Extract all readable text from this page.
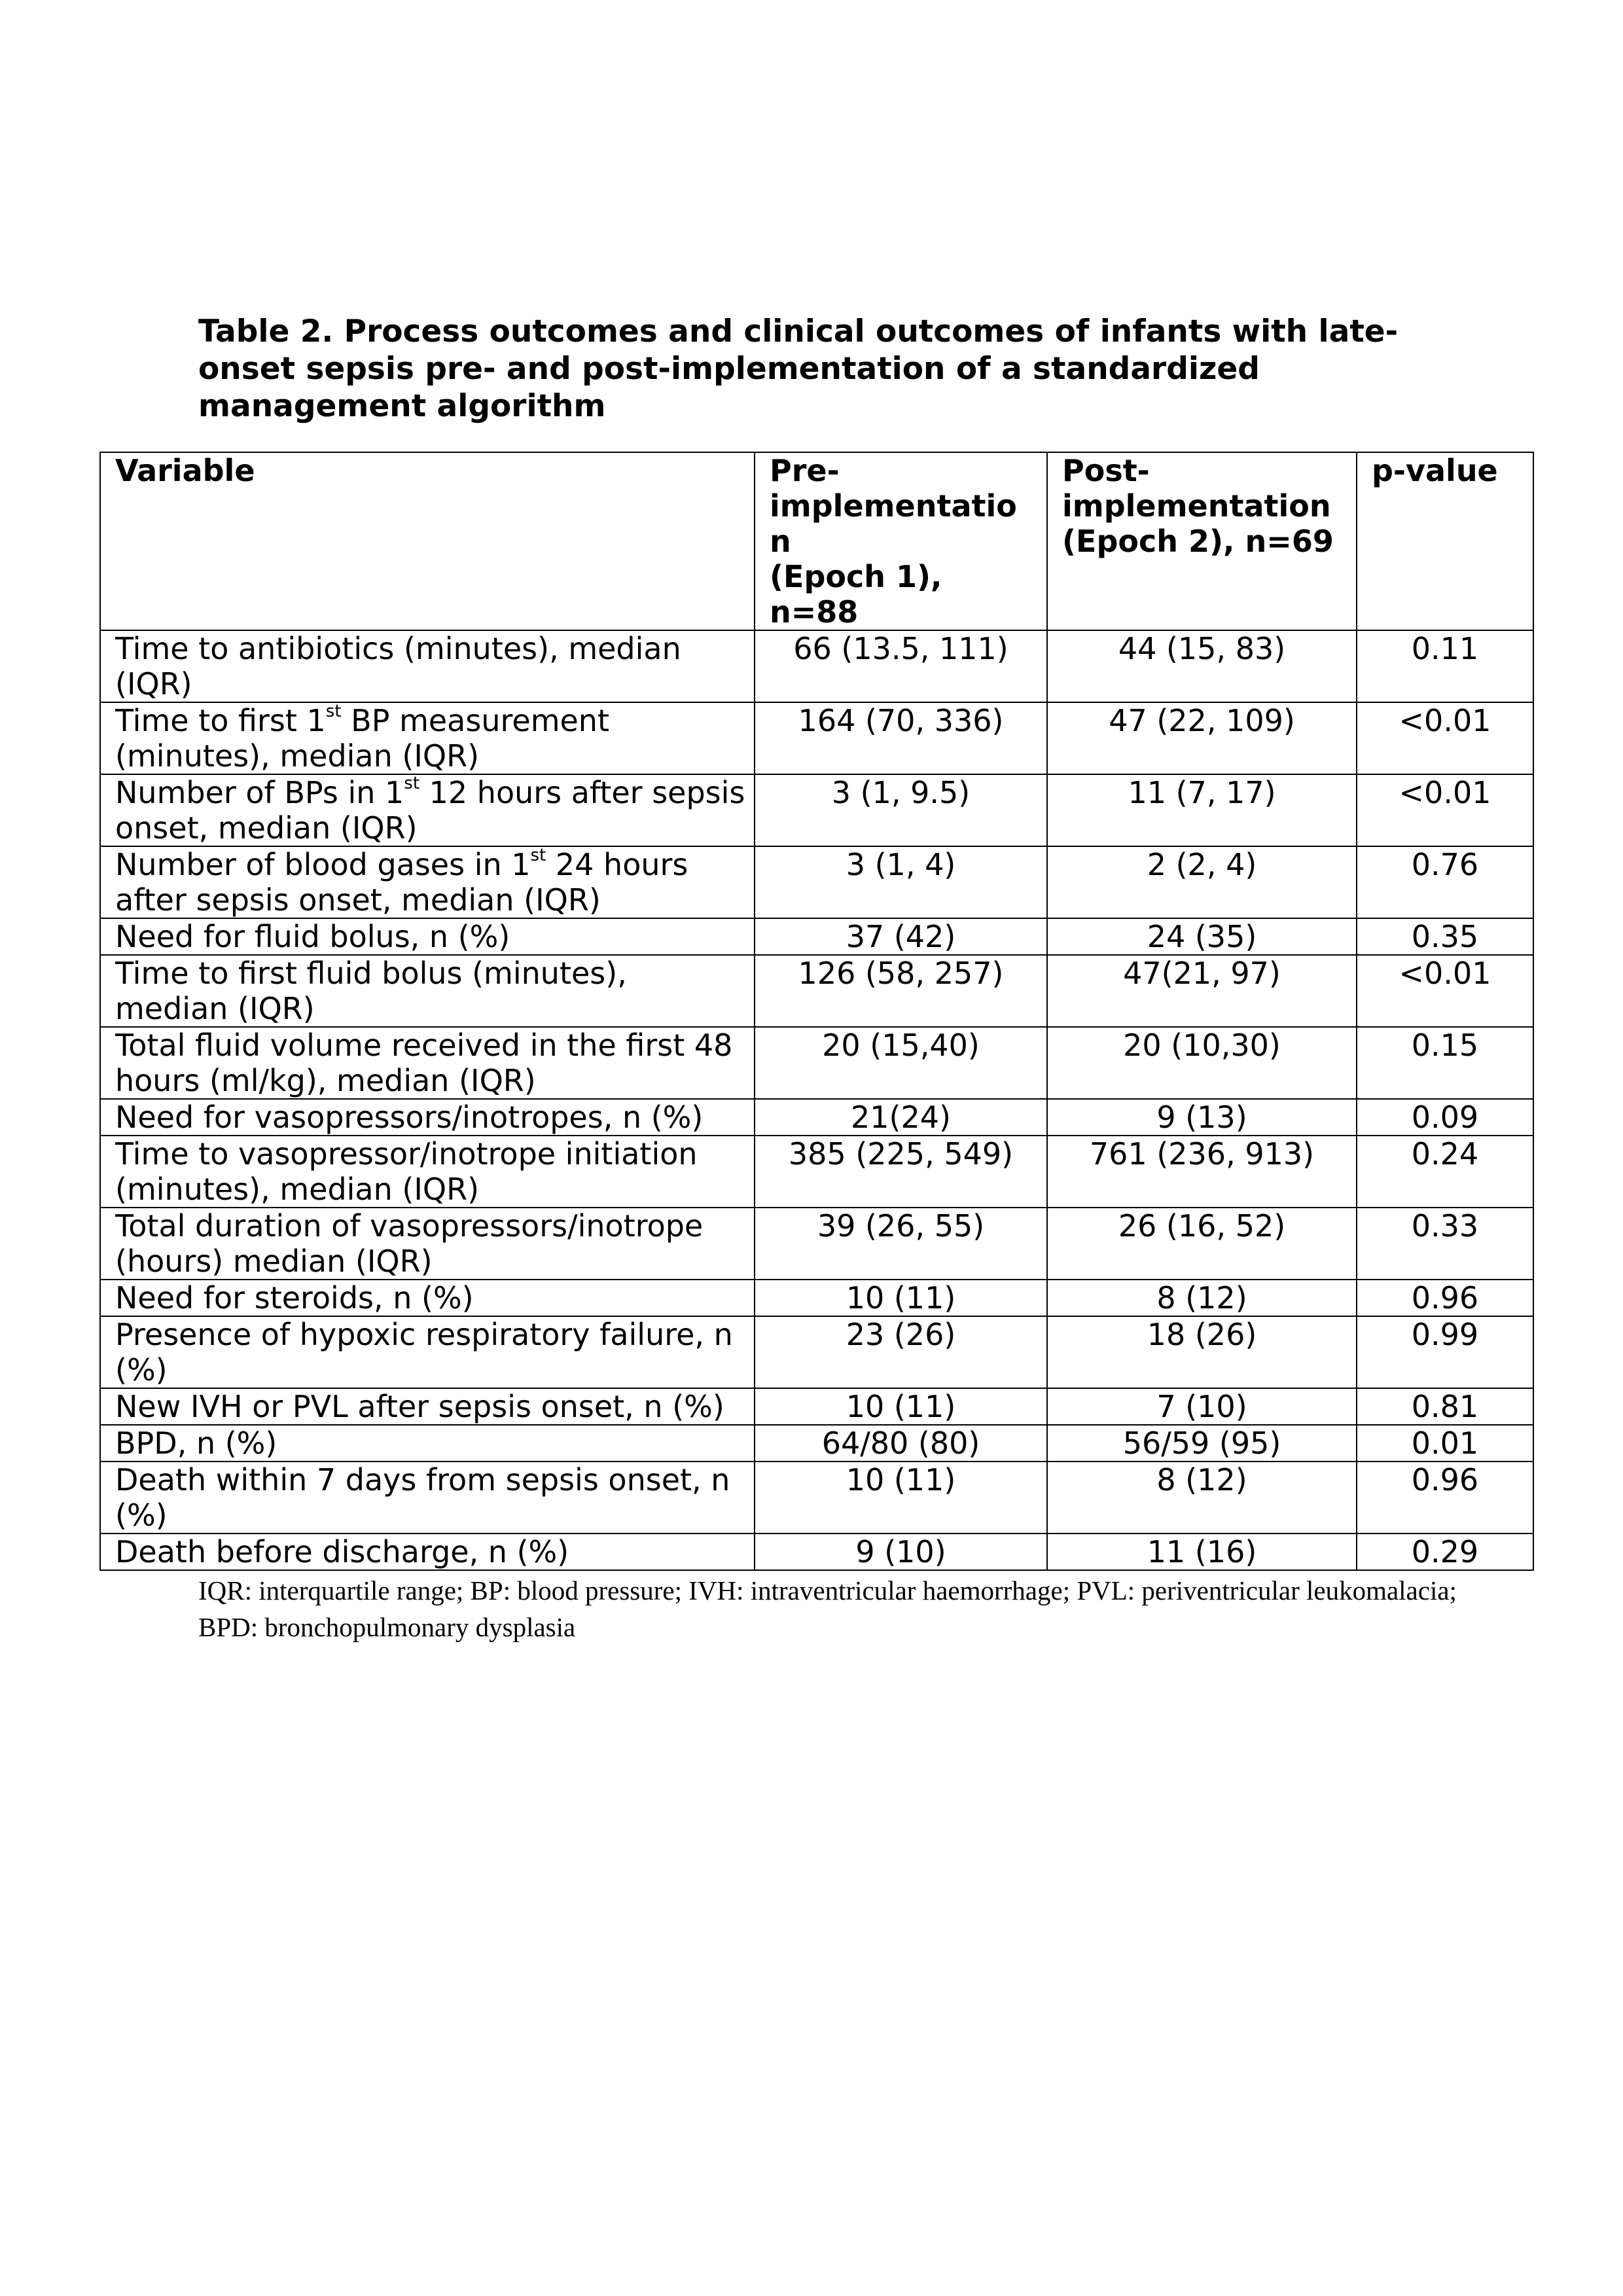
Table 2. Process outcomes and clinical outcomes of infants with late-onset sepsis pre- and post-implementation of a standardized management algorithm
Variable	Pre-
implementatio
n
(Epoch 1),
n=88	Post-
implementation
(Epoch 2), n=69	p-value
Time to antibiotics (minutes), median (IQR)	66 (13.5, 111)	44 (15, 83)	0.11
Time to first 1st BP measurement (minutes), median (IQR)	164 (70, 336)	47 (22, 109)	<0.01
Number of BPs in 1st 12 hours after sepsis onset, median (IQR)	3 (1, 9.5)	11 (7, 17)	<0.01
Number of blood gases in 1st 24 hours after sepsis onset, median (IQR)	3 (1, 4)	2 (2, 4)	0.76
Need for fluid bolus, n (%)	37 (42)	24 (35)	0.35
Time to first fluid bolus (minutes), median (IQR)	126 (58, 257)	47(21, 97)	<0.01
Total fluid volume received in the first 48 hours (ml/kg), median (IQR)	20 (15,40)	20 (10,30)	0.15
Need for vasopressors/inotropes, n (%)	21(24)	9 (13)	0.09
Time to vasopressor/inotrope initiation (minutes), median (IQR)	385 (225, 549)	761 (236, 913)	0.24
Total duration of vasopressors/inotrope (hours) median (IQR)	39 (26, 55)	26 (16, 52)	0.33
Need for steroids, n (%)	10 (11)	8 (12)	0.96
Presence of hypoxic respiratory failure, n (%)	23 (26)	18 (26)	0.99
New IVH or PVL after sepsis onset, n (%)	10 (11)	7 (10)	0.81
BPD, n (%)	64/80 (80)	56/59 (95)	0.01
Death within 7 days from sepsis onset, n (%)	10 (11)	8 (12)	0.96
Death before discharge, n (%)	9 (10)	11 (16)	0.29
IQR: interquartile range; BP: blood pressure; IVH: intraventricular haemorrhage; PVL: periventricular leukomalacia; BPD: bronchopulmonary dysplasia
